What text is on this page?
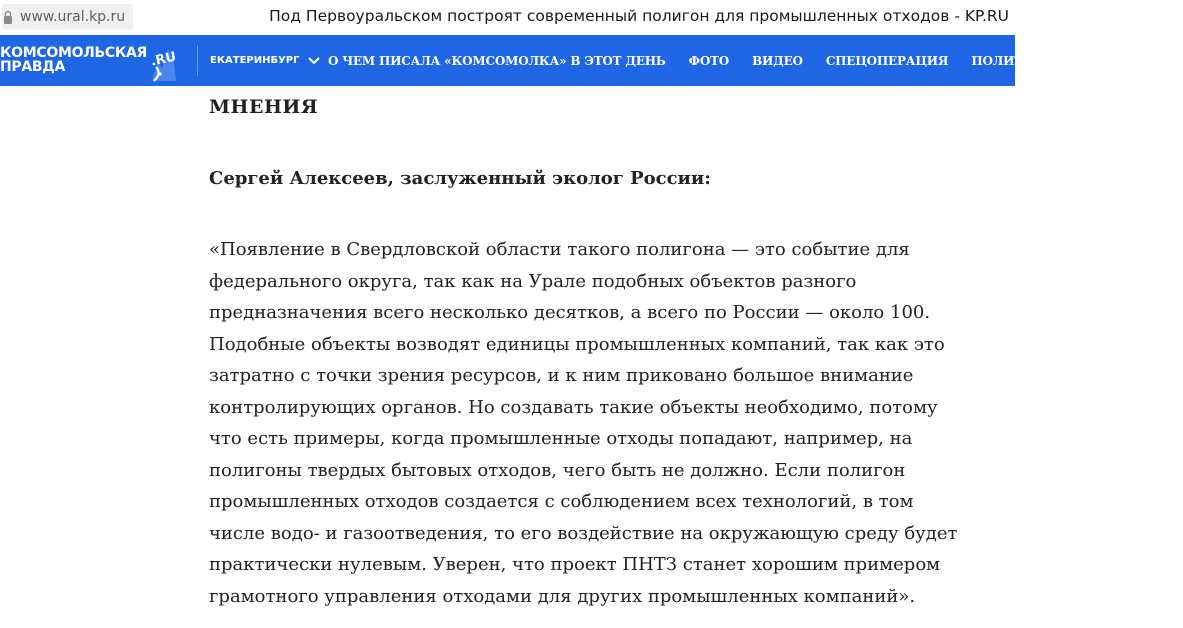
www.ural.kp.ru	Под Первоуральском построят современный полигон для промышленных отходов - KP.RU
КОМСОМОЛЬСКАЯ
ПРАВДА	.RU	ЕКАТЕРИНБУРГ О ЧЕМ ПИСАЛА «КОМСОМОЛКА» В ЭТОТ ДЕНЬ ФОТО ВИДЕО СПЕЦОПЕРАЦИЯ ПОЛИТИКА ОБЩЕСТВО
МНЕНИЯ
Сергей Алексеев, заслуженный эколог России:

«Появление в Свердловской области такого полигона — это событие для
федерального округа, так как на Урале подобных объектов разного
предназначения всего несколько десятков, а всего по России — около 100.
Подобные объекты возводят единицы промышленных компаний, так как это
затратно с точки зрения ресурсов, и к ним приковано большое внимание
контролирующих органов. Но создавать такие объекты необходимо, потому
что есть примеры, когда промышленные отходы попадают, например, на
полигоны твердых бытовых отходов, чего быть не должно. Если полигон
промышленных отходов создается с соблюдением всех технологий, в том
числе водо- и газоотведения, то его воздействие на окружающую среду будет
практически нулевым. Уверен, что проект ПНТЗ станет хорошим примером
грамотного управления отходами для других промышленных компаний».
